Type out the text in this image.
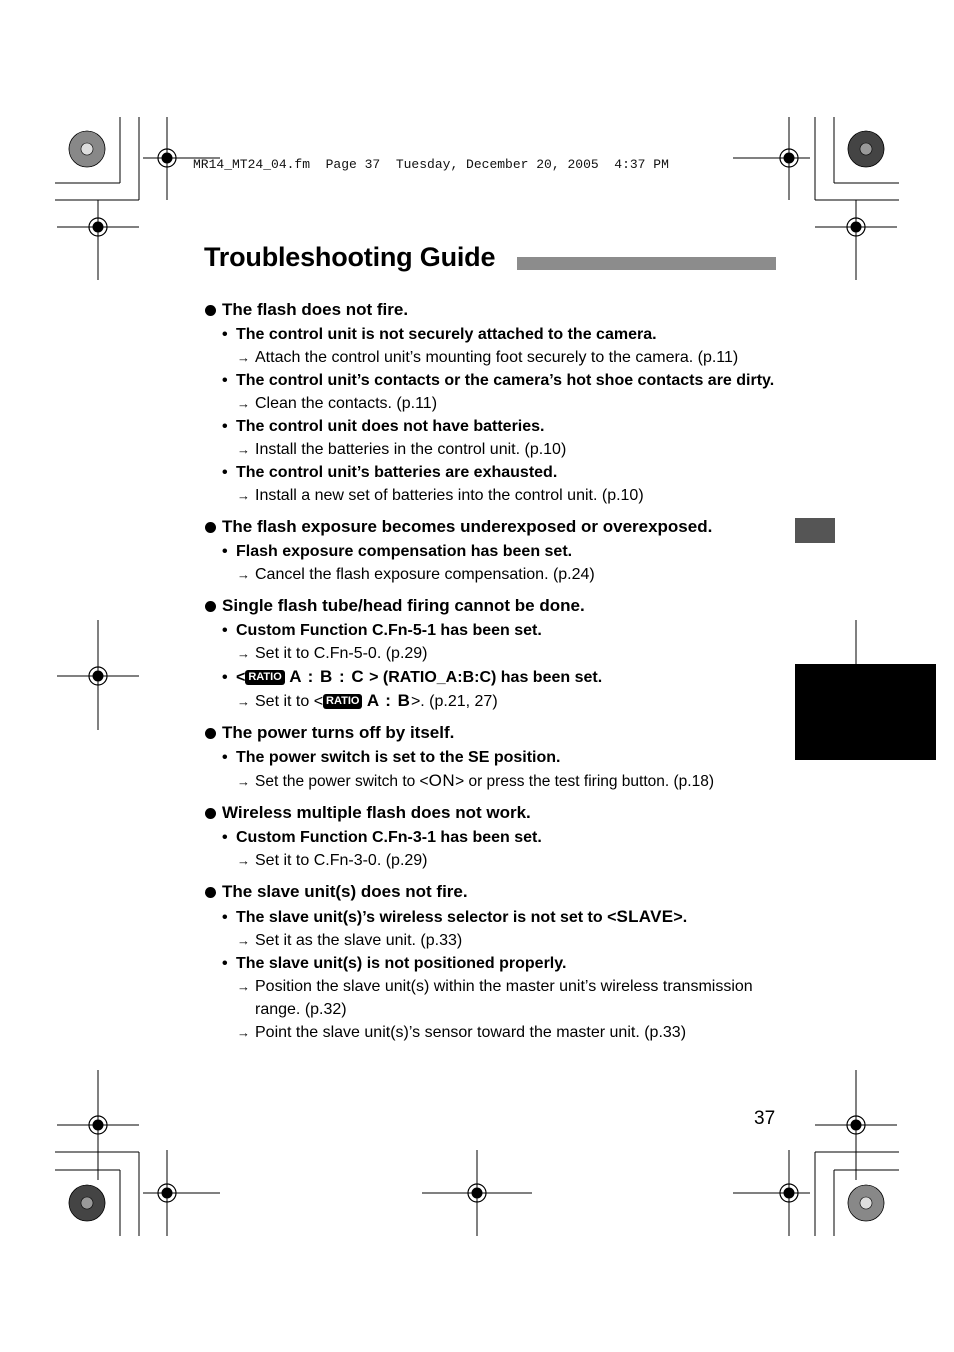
MR14_MT24_04.fm  Page 37  Tuesday, December 20, 2005  4:37 PM
Troubleshooting Guide
The flash does not fire.
• The control unit is not securely attached to the camera.
→ Attach the control unit’s mounting foot securely to the camera. (p.11)
• The control unit’s contacts or the camera’s hot shoe contacts are dirty.
→ Clean the contacts. (p.11)
• The control unit does not have batteries.
→ Install the batteries in the control unit. (p.10)
• The control unit’s batteries are exhausted.
→ Install a new set of batteries into the control unit. (p.10)
The flash exposure becomes underexposed or overexposed.
• Flash exposure compensation has been set.
→ Cancel the flash exposure compensation. (p.24)
Single flash tube/head firing cannot be done.
• Custom Function C.Fn-5-1 has been set.
→ Set it to C.Fn-5-0. (p.29)
• < RATIO A : B : C > (RATIO_A:B:C) has been set.
→ Set it to < RATIO A : B>. (p.21, 27)
The power turns off by itself.
• The power switch is set to the SE position.
→ Set the power switch to <ON> or press the test firing button. (p.18)
Wireless multiple flash does not work.
• Custom Function C.Fn-3-1 has been set.
→ Set it to C.Fn-3-0. (p.29)
The slave unit(s) does not fire.
• The slave unit(s)’s wireless selector is not set to <SLAVE>.
→ Set it as the slave unit. (p.33)
• The slave unit(s) is not positioned properly.
→ Position the slave unit(s) within the master unit’s wireless transmission range. (p.32)
→ Point the slave unit(s)’s sensor toward the master unit. (p.33)
37
